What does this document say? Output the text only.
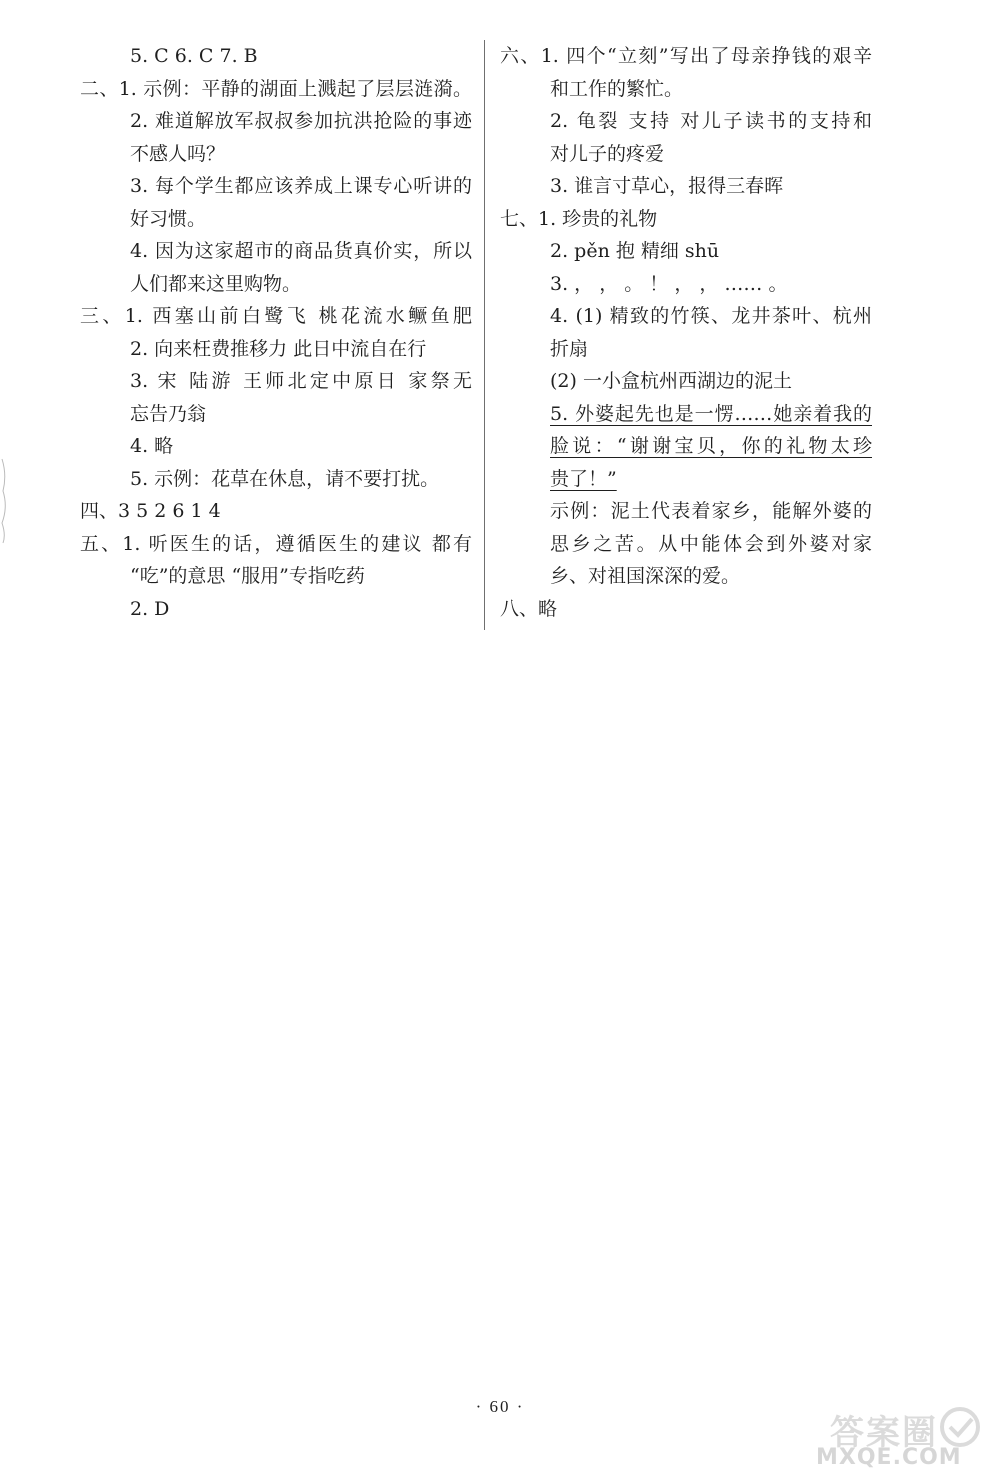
5. C 6. C 7. B
二、1. 示例：平静的湖面上溅起了层层涟漪。
2. 难道解放军叔叔参加抗洪抢险的事迹
不感人吗？
3. 每个学生都应该养成上课专心听讲的
好习惯。
4. 因为这家超市的商品货真价实，所以
人们都来这里购物。
三、1. 西塞山前白鹭飞 桃花流水鳜鱼肥
2. 向来枉费推移力 此日中流自在行
3. 宋 陆游 王师北定中原日 家祭无
忘告乃翁
4. 略
5. 示例：花草在休息，请不要打扰。
四、3 5 2 6 1 4
五、1. 听医生的话，遵循医生的建议 都有
“吃”的意思 “服用”专指吃药
2. D
六、1. 四个“立刻”写出了母亲挣钱的艰辛
和工作的繁忙。
2. 龟裂 支持 对儿子读书的支持和
对儿子的疼爱
3. 谁言寸草心，报得三春晖
七、1. 珍贵的礼物
2. pěn 抱 精细 shū
3. ， ， 。 ！ ， ， …… 。
4. (1) 精致的竹筷、龙井茶叶、杭州
折扇
(2) 一小盒杭州西湖边的泥土
5. 外婆起先也是一愣……她亲着我的
脸说：“谢谢宝贝，你的礼物太珍
贵了！”
示例：泥土代表着家乡，能解外婆的
思乡之苦。从中能体会到外婆对家
乡、对祖国深深的爱。
八、略
· 60 ·
答案圈
MXQE.COM
